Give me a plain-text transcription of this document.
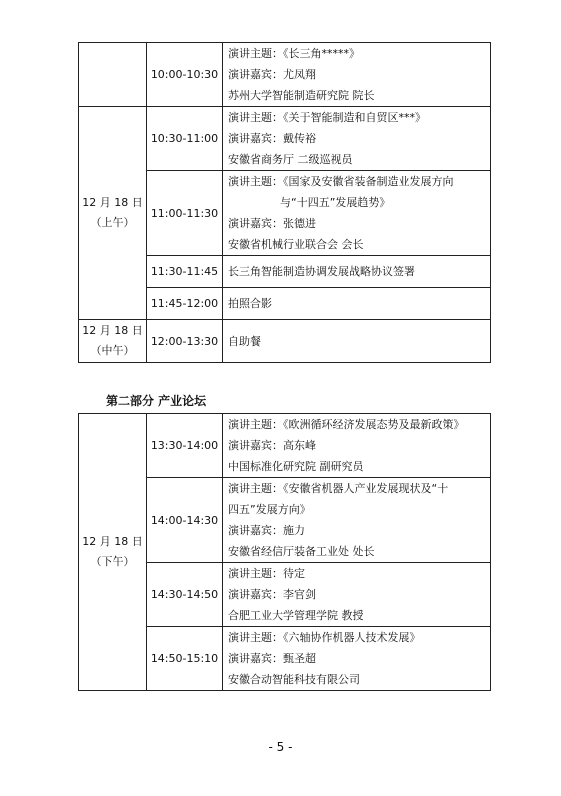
	10:00-10:30	演讲主题：《长三角*****》
演讲嘉宾：尤凤翔
苏州大学智能制造研究院 院长

12 月 18 日
（上午）	10:30-11:00	演讲主题：《关于智能制造和自贸区***》
演讲嘉宾：戴传裕
安徽省商务厅 二级巡视员

	11:00-11:30	演讲主题：《国家及安徽省装备制造业发展方向
与“十四五”发展趋势》
演讲嘉宾：张德进
安徽省机械行业联合会 会长

	11:30-11:45	长三角智能制造协调发展战略协议签署

	11:45-12:00	拍照合影

12 月 18 日
（中午）	12:00-13:30	自助餐
第二部分 产业论坛
12 月 18 日
（下午）	13:30-14:00	演讲主题：《欧洲循环经济发展态势及最新政策》
演讲嘉宾：高东峰
中国标准化研究院 副研究员

	14:00-14:30	演讲主题：《安徽省机器人产业发展现状及“十
四五”发展方向》
演讲嘉宾：施力
安徽省经信厅装备工业处 处长

	14:30-14:50	演讲主题：待定
演讲嘉宾：李官剑
合肥工业大学管理学院 教授

	14:50-15:10	演讲主题：《六轴协作机器人技术发展》
演讲嘉宾：甄圣超
安徽合动智能科技有限公司
- 5 -
